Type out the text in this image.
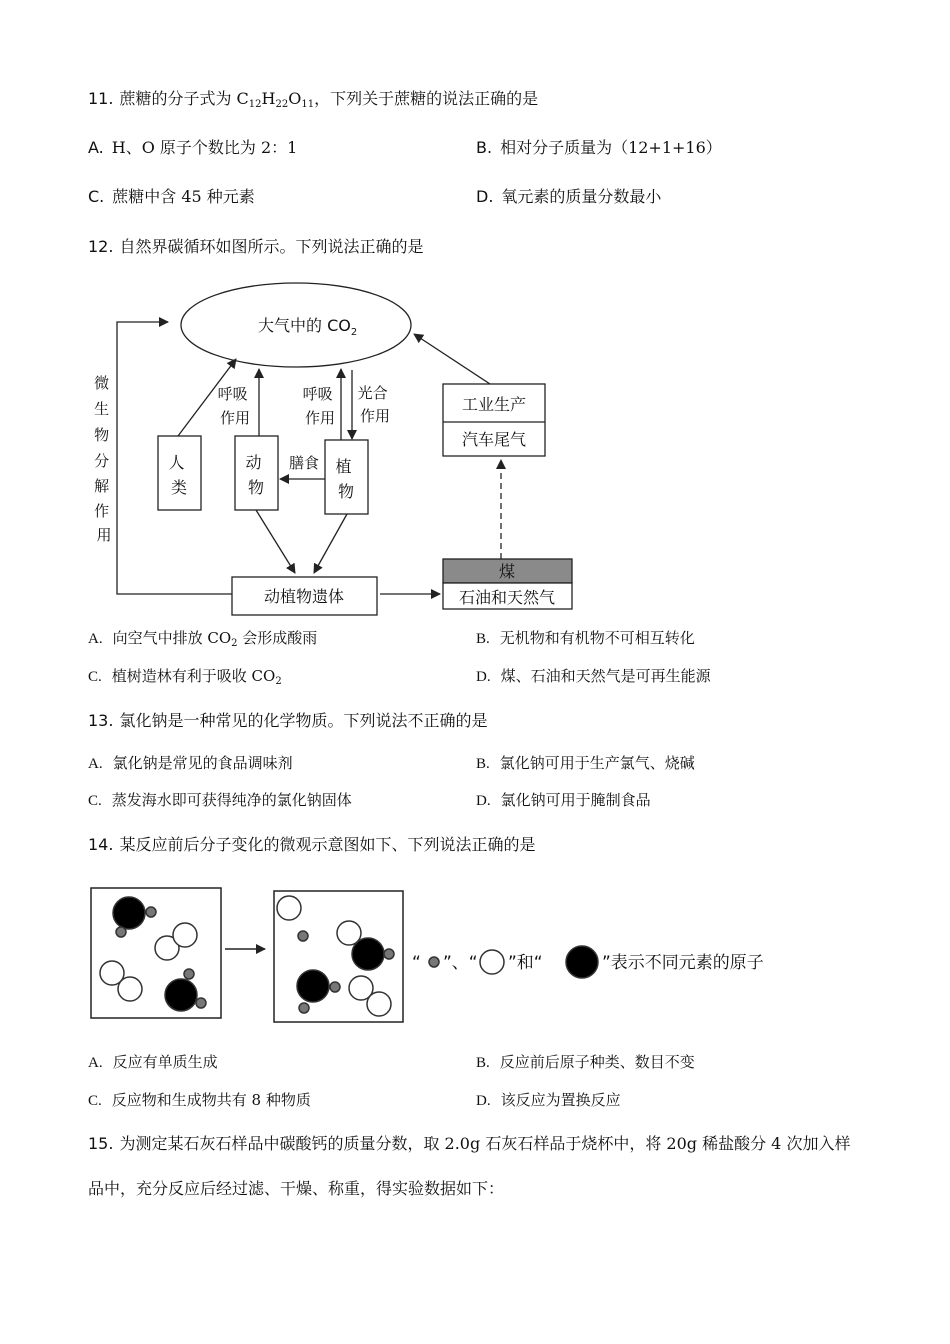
11. 蔗糖的分子式为 $C_{12}H_{22}O_{11}$，下列关于蔗糖的说法正确的是
A. H、O 原子个数比为 2：1	B. 相对分子质量为（12+1+16）
C. 蔗糖中含 45 种元素	D. 氧元素的质量分数最小
12. 自然界碳循环如图所示。下列说法正确的是
大气中的 $CO_2$
微 生 物 分 解 作 用
呼吸 作用
呼吸 作用
光合 作用
人 类
动 物
植 物
膳食
工业生产
汽车尾气
动植物遗体
煤
石油和天然气
A. 向空气中排放 $CO_2$ 会形成酸雨	B. 无机物和有机物不可相互转化
C. 植树造林有利于吸收 $CO_2$	D. 煤、石油和天然气是可再生能源
13. 氯化钠是一种常见的化学物质。下列说法不正确的是
A. 氯化钠是常见的食品调味剂	B. 氯化钠可用于生产氯气、烧碱
C. 蒸发海水即可获得纯净的氯化钠固体	D. 氯化钠可用于腌制食品
14. 某反应前后分子变化的微观示意图如下、下列说法正确的是
“ ”、“ ”和“	”表示不同元素的原子
A. 反应有单质生成	B. 反应前后原子种类、数目不变
C. 反应物和生成物共有 8 种物质	D. 该反应为置换反应
15. 为测定某石灰石样品中碳酸钙的质量分数，取 2.0g 石灰石样品于烧杯中，将 20g 稀盐酸分 4 次加入样
品中，充分反应后经过滤、干燥、称重，得实验数据如下：
